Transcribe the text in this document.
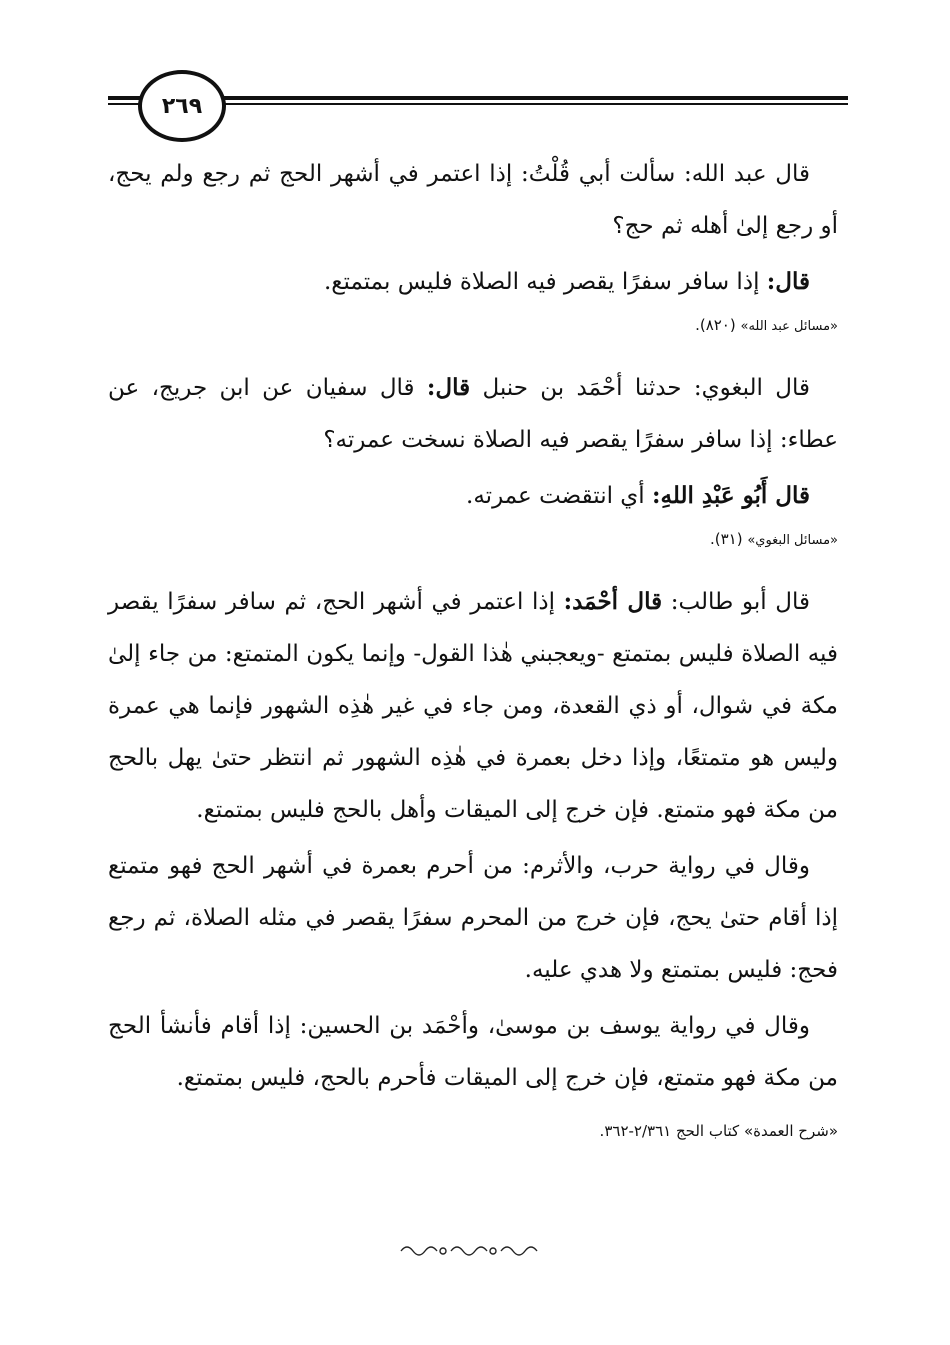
٢٦٩

قال عبد الله: سألت أبي قُلْتُ: إذا اعتمر في أشهر الحج ثم رجع ولم يحج، أو رجع إلىٰ أهله ثم حج؟

قال: إذا سافر سفرًا يقصر فيه الصلاة فليس بمتمتع.

«مسائل عبد الله» (٨٢٠).

قال البغوي: حدثنا أحْمَد بن حنبل قال: قال سفيان عن ابن جريج، عن عطاء: إذا سافر سفرًا يقصر فيه الصلاة نسخت عمرته؟

قال أَبُو عَبْدِ اللهِ: أي انتقضت عمرته.

«مسائل البغوي» (٣١).

قال أبو طالب: قال أحْمَد: إذا اعتمر في أشهر الحج، ثم سافر سفرًا يقصر فيه الصلاة فليس بمتمتع -ويعجبني هٰذا القول- وإنما يكون المتمتع: من جاء إلىٰ مكة في شوال، أو ذي القعدة، ومن جاء في غير هٰذِه الشهور فإنما هي عمرة وليس هو متمتعًا، وإذا دخل بعمرة في هٰذِه الشهور ثم انتظر حتىٰ يهل بالحج من مكة فهو متمتع. فإن خرج إلى الميقات وأهل بالحج فليس بمتمتع.

وقال في رواية حرب، والأثرم: من أحرم بعمرة في أشهر الحج فهو متمتع إذا أقام حتىٰ يحج، فإن خرج من المحرم سفرًا يقصر في مثله الصلاة، ثم رجع فحج: فليس بمتمتع ولا هدي عليه.

وقال في رواية يوسف بن موسىٰ، وأحْمَد بن الحسين: إذا أقام فأنشأ الحج من مكة فهو متمتع، فإن خرج إلى الميقات فأحرم بالحج، فليس بمتمتع.

«شرح العمدة» كتاب الحج ٢/٣٦١-٣٦٢.
